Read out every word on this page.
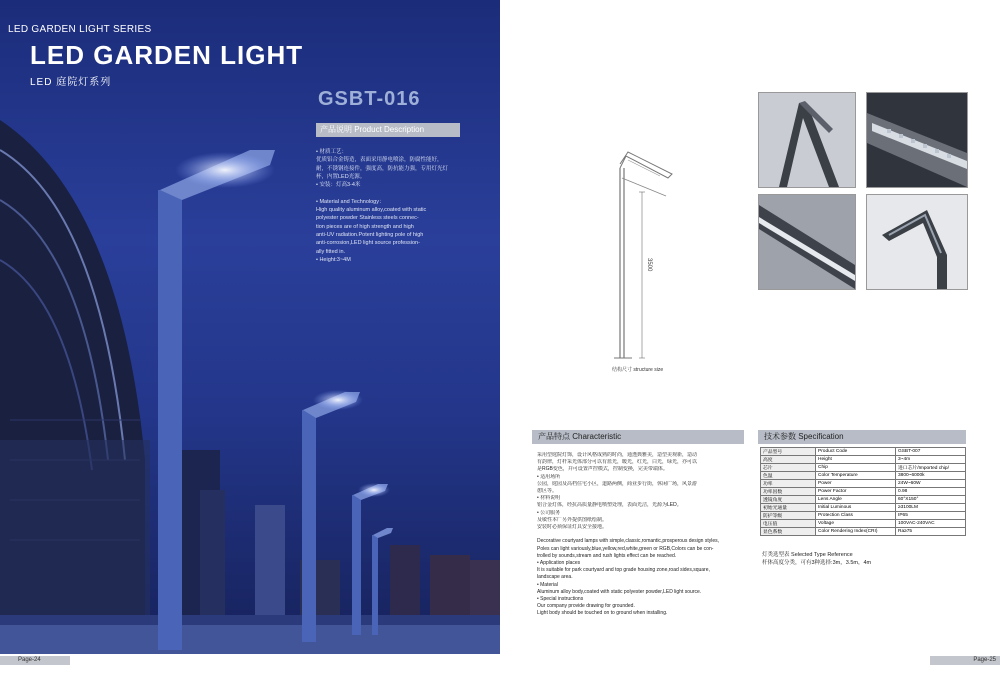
LED GARDEN LIGHT SERIES
LED GARDEN LIGHT
LED 庭院灯系列
GSBT-016
产品说明 Product Description
• 材质工艺：
优质铝合金铸造，表面采用静电喷涂，防腐性能好，
耐，不锈钢连接件，强度高，防抗能力强，专用灯光灯
杯，内置LED光源。
• 安装：灯高3-4米

• Material and Technology：
High quality aluminum alloy,coated with static
polyester powder Stainless steels connec-
tion pieces are of high strength and high
anti-UV radiation.Potent lighting pole of high
anti-corrosion,LED light source profession-
ally fitted in.
• Height:3~4M
Page-24
3500
结构尺寸 structure size
产品特点 Characteristic
采用型庭院灯饰，设计风格成熟的时尚，通透典雅美，造型美观新，造动
有韵律，灯杆采光体部分可以有蓝光，暖光，红光，白光，绿光，亦可以
是RGB变色，并可设置声控模式，控制变换，完美带端体。
• 适用场所
公园，庭园及高档住宅小区，道路两侧，商业步行街，休闲广场，风景游
憩区等。
• 材料说明
铝合金灯体，经抗高质量静电喷塑处理，表面光洁，光源为LED。
• 公司服务
及敏性本厂另外提供图纸绘制。
安装时必须保证灯具安全接地。

Decorative courtyard lamps with simple,classic,romantic,prosperous design styles,
Poles can light variously,blue,yellow,red,white,green or RGB,Colors can be con-
trolled by sounds,stream and rush lights effect can be reached.
• Application places
It is suitable for park courtyard and top grade housing zone,road sides,square,
landscape area.
• Material
Aluminum alloy body,coated with static polyester powder,LED light source.
• Special instructions
Our company provide drawing for grounded.
Light body should be touched on to ground when installing.
技术参数 Specification
产品型号	Product Code	GSBT-007
高度	Height	3~4m
芯片	Chip	进口芯片/Imported chip/
色温	Color Temperature	3800~6000k
功率	Power	24W~60W
功率因数	Power Factor	0.98
透镜角度	Lens Angle	60°X150°
初始光通量	Initial Luminous	≥3100LM
防护等级	Protection Class	IP65
电压值	Voltage	100VAC-240VAC
显色系数	Color Rendering Index(CRI)	Ra≥75
灯类选型表 Selected Type Reference
杆体高度分类，可有3种选择:3m，3.5m，4m
Page-25
